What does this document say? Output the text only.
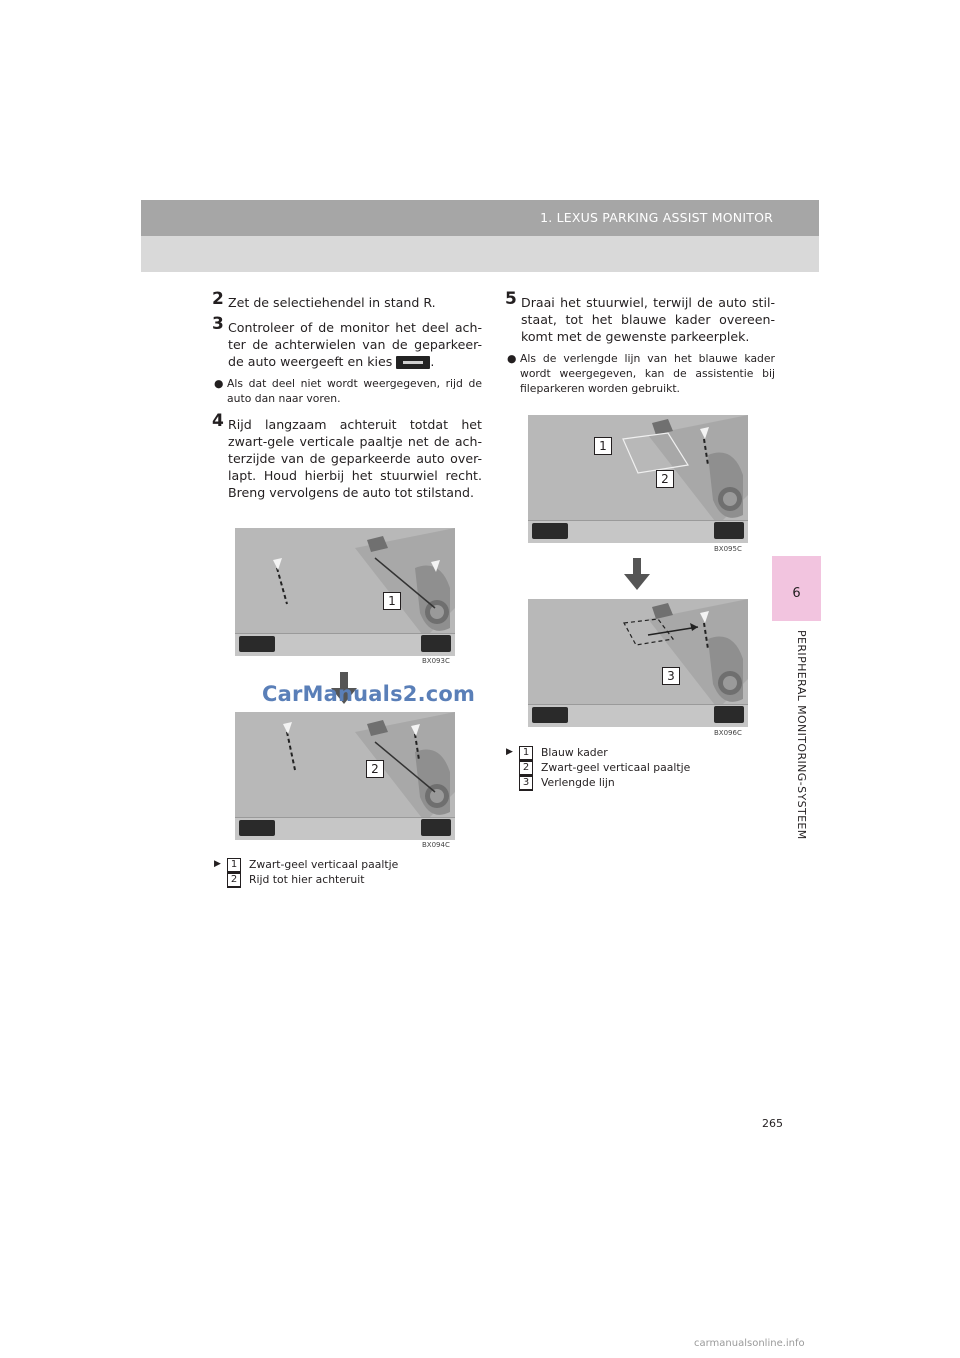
1. LEXUS PARKING ASSIST MONITOR
6
PERIPHERAL MONITORING-SYSTEEM
2 Zet de selectiehendel in stand R.
3 Controleer of de monitor het deel ach-ter de achterwielen van de geparkeer-de auto weergeeft en kies	.
● Als dat deel niet wordt weergegeven, rijd de auto dan naar voren.
4 Rijd langzaam achteruit totdat het zwart-gele verticale paaltje net de ach-terzijde van de geparkeerde auto over-lapt. Houd hierbij het stuurwiel recht. Breng vervolgens de auto tot stilstand.
BX093C
1
CarManuals2.com
BX094C
2
▶ 1	Zwart-geel verticaal paaltje
2	Rijd tot hier achteruit
5 Draai het stuurwiel, terwijl de auto stil-staat, tot het blauwe kader overeen-komt met de gewenste parkeerplek.
● Als de verlengde lijn van het blauwe kader wordt weergegeven, kan de assistentie bij fileparkeren worden gebruikt.
BX095C
1
2
BX096C
3
▶ 1	Blauw kader
2	Zwart-geel verticaal paaltje
3	Verlengde lijn
265
carmanualsonline.info
